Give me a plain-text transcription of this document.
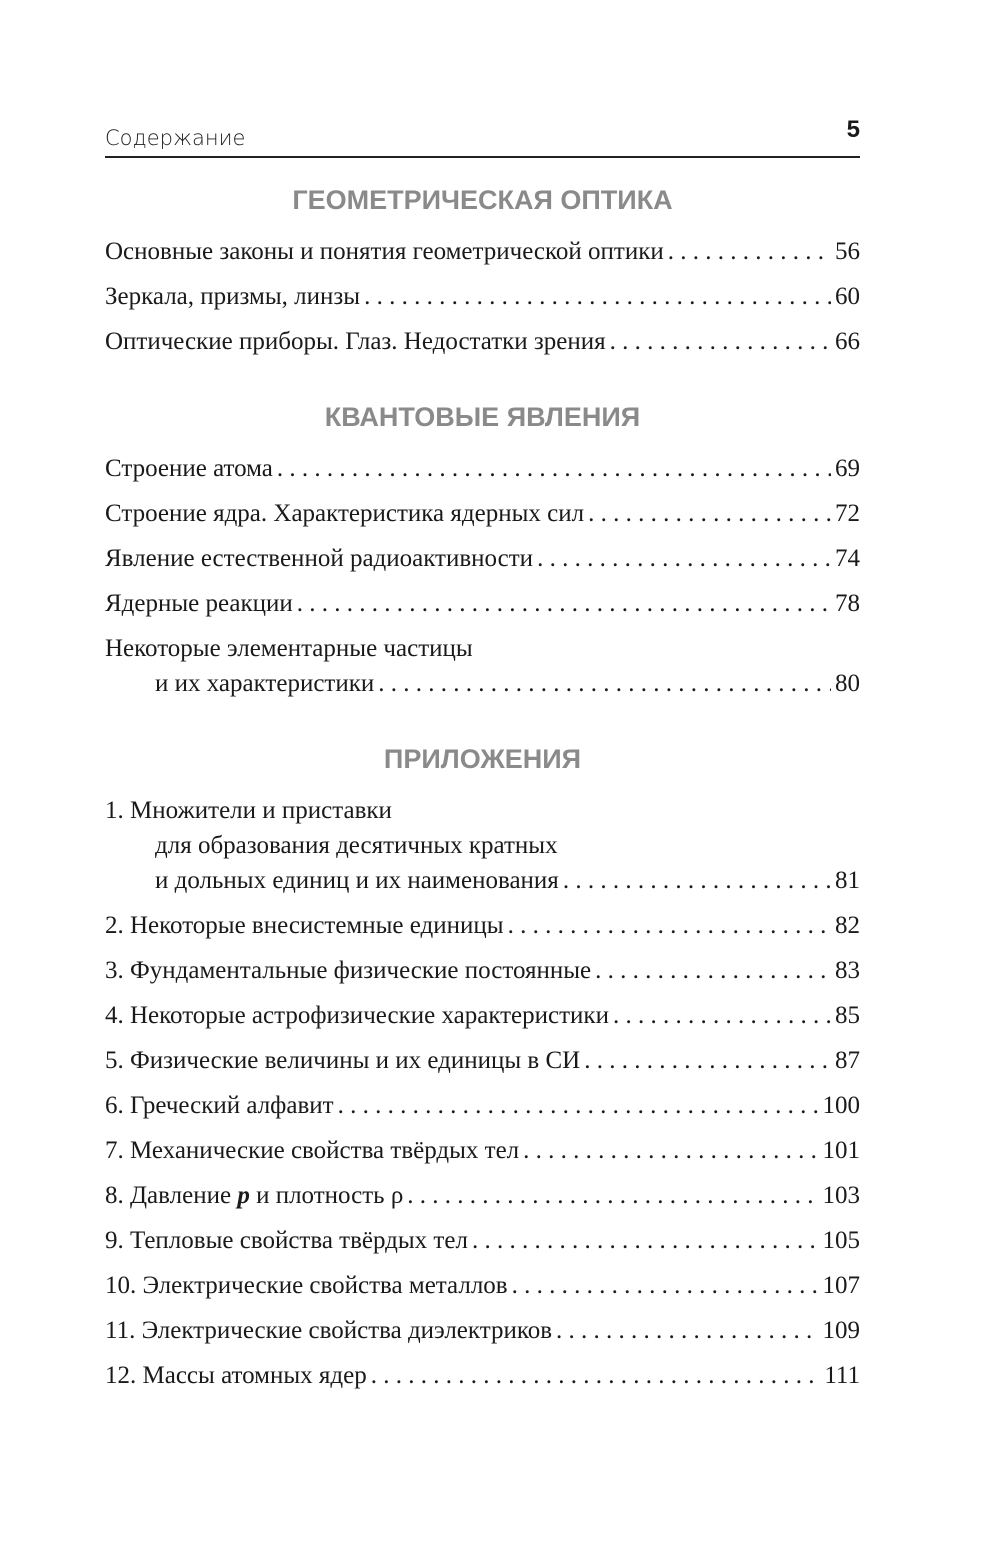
Содержание	5
ГЕОМЕТРИЧЕСКАЯ ОПТИКА
Основные законы и понятия геометрической оптики . . .	56
Зеркала, призмы, линзы . . .	60
Оптические приборы. Глаз. Недостатки зрения . . .	66
КВАНТОВЫЕ ЯВЛЕНИЯ
Строение атома . . .	69
Строение ядра. Характеристика ядерных сил . . .	72
Явление естественной радиоактивности . . .	74
Ядерные реакции . . .	78
Некоторые элементарные частицы
и их характеристики . . .	80
ПРИЛОЖЕНИЯ
1. Множители и приставки
для образования десятичных кратных
и дольных единиц и их наименования . . .	81
2. Некоторые внесистемные единицы . . .	82
3. Фундаментальные физические постоянные . . .	83
4. Некоторые астрофизические характеристики . . .	85
5. Физические величины и их единицы в СИ . . .	87
6. Греческий алфавит . . .	100
7. Механические свойства твёрдых тел . . .	101
8. Давление p и плотность ρ . . .	103
9. Тепловые свойства твёрдых тел . . .	105
10. Электрические свойства металлов . . .	107
11. Электрические свойства диэлектриков . . .	109
12. Массы атомных ядер . . .	111
